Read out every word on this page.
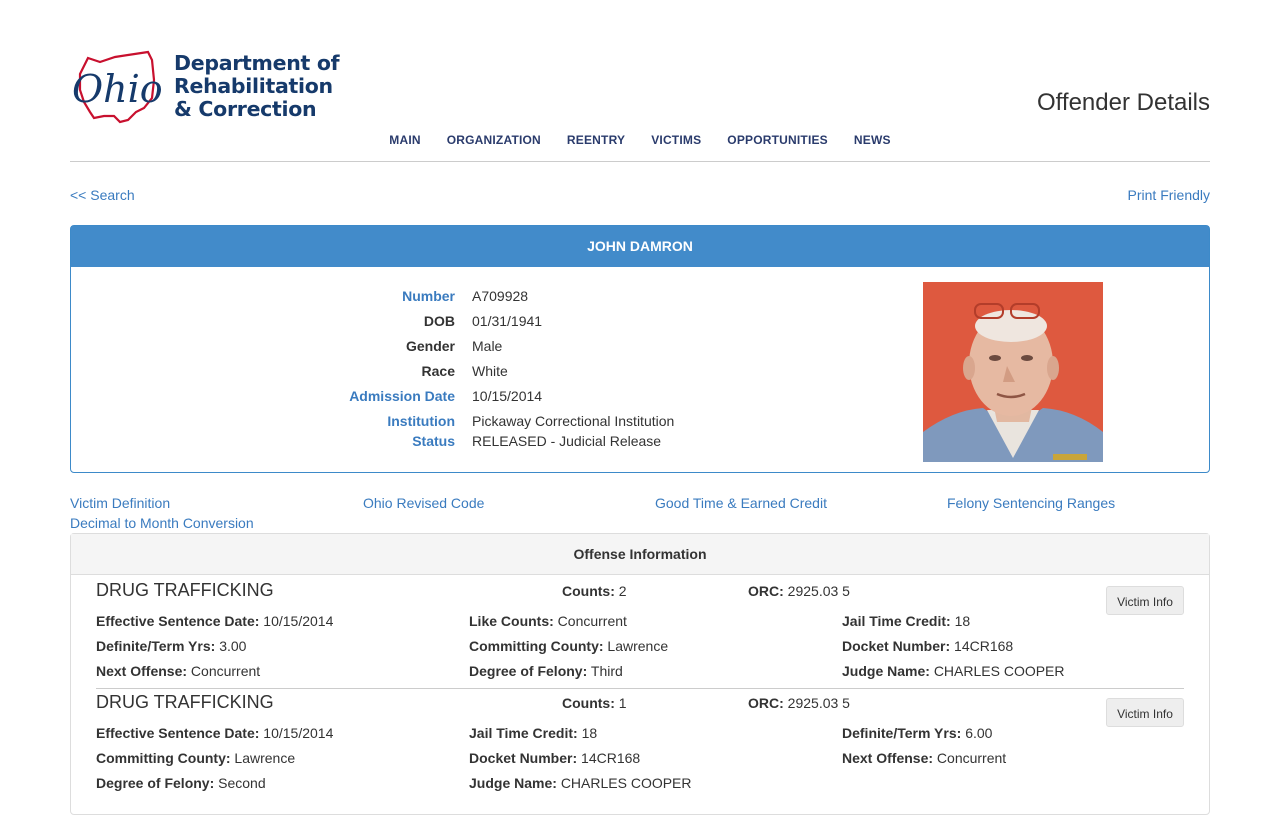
Ohio
Department of
Rehabilitation
& Correction	Offender Details
MAIN ORGANIZATION REENTRY VICTIMS OPPORTUNITIES NEWS
<< Search	Print Friendly
JOHN DAMRON
Number A709928
DOB 01/31/1941
Gender Male
Race White
Admission Date 10/15/2014
Institution Pickaway Correctional Institution
Status RELEASED - Judicial Release
Victim Definition	Ohio Revised Code	Good Time & Earned Credit	Felony Sentencing Ranges
Decimal to Month Conversion
Offense Information
DRUG TRAFFICKING	Counts: 2	ORC: 2925.03 5
Victim Info
Effective Sentence Date: 10/15/2014	Like Counts: Concurrent	Jail Time Credit: 18
Definite/Term Yrs: 3.00	Committing County: Lawrence	Docket Number: 14CR168
Next Offense: Concurrent	Degree of Felony: Third	Judge Name: CHARLES COOPER
DRUG TRAFFICKING	Counts: 1	ORC: 2925.03 5
Victim Info
Effective Sentence Date: 10/15/2014	Jail Time Credit: 18	Definite/Term Yrs: 6.00
Committing County: Lawrence	Docket Number: 14CR168	Next Offense: Concurrent
Degree of Felony: Second	Judge Name: CHARLES COOPER
